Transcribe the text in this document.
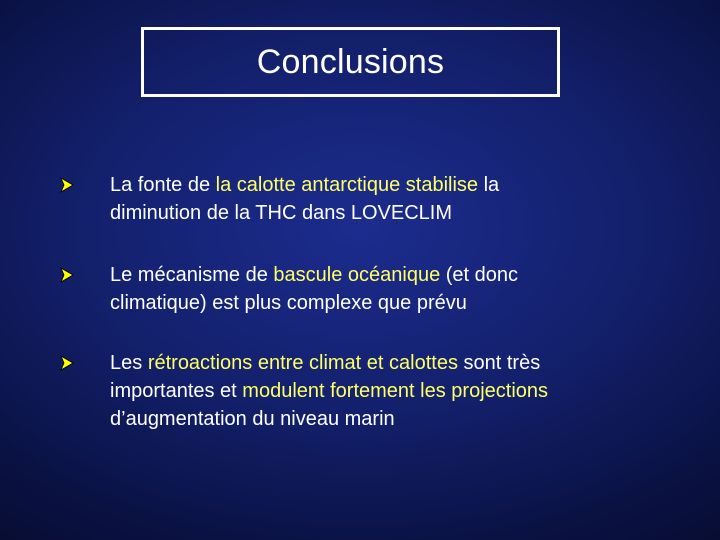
Conclusions
La fonte de la calotte antarctique stabilise la
diminution de la THC dans LOVECLIM
Le mécanisme de bascule océanique (et donc
climatique) est plus complexe que prévu
Les rétroactions entre climat et calottes sont très
importantes et modulent fortement les projections
d’augmentation du niveau marin
